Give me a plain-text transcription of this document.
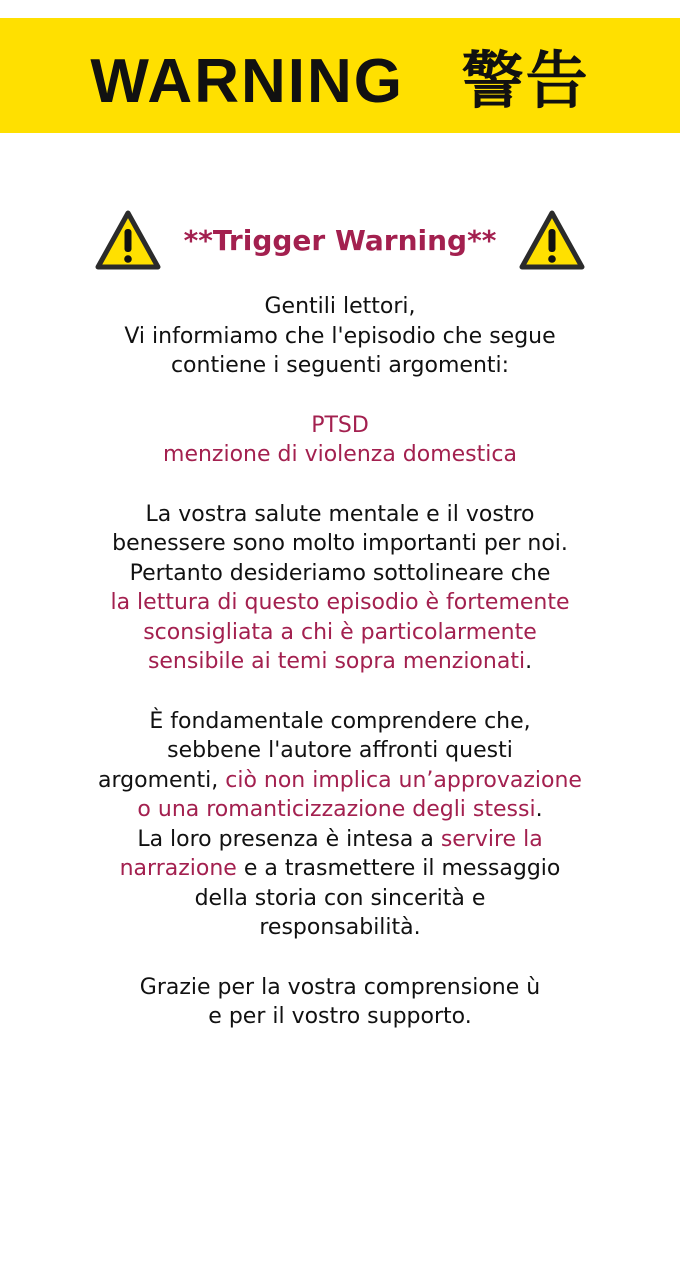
WARNING   警告
**Trigger Warning**

Gentili lettori,
Vi informiamo che l'episodio che segue
contiene i seguenti argomenti:

PTSD
menzione di violenza domestica

La vostra salute mentale e il vostro
benessere sono molto importanti per noi.
Pertanto desideriamo sottolineare che
la lettura di questo episodio è fortemente
sconsigliata a chi è particolarmente
sensibile ai temi sopra menzionati.

È fondamentale comprendere che,
sebbene l'autore affronti questi
argomenti, ciò non implica un’approvazione
o una romanticizzazione degli stessi.
La loro presenza è intesa a servire la
narrazione e a trasmettere il messaggio
della storia con sincerità e
responsabilità.

Grazie per la vostra comprensione ù
e per il vostro supporto.
